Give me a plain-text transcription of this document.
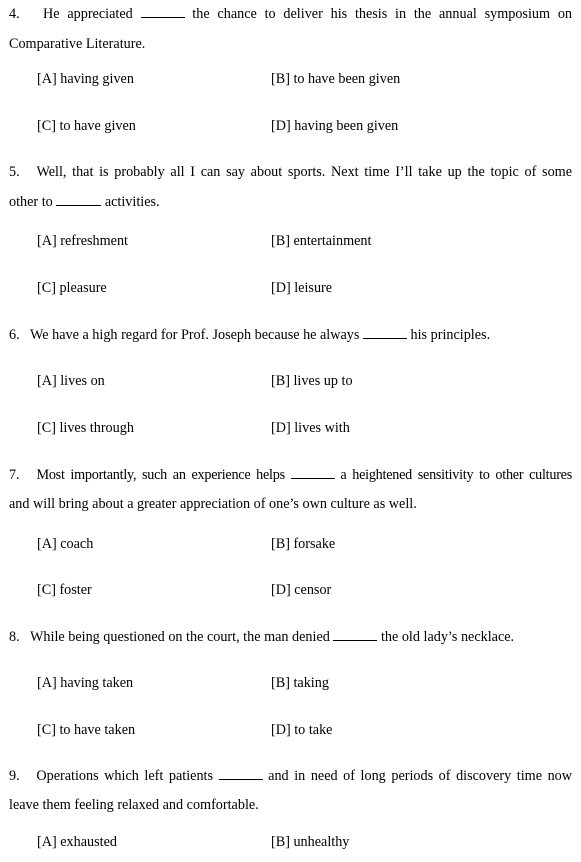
4. He appreciated	the chance to deliver his thesis in the annual symposium on
Comparative Literature.
[A] having given	[B] to have been given
[C] to have given	[D] having been given
5. Well, that is probably all I can say about sports. Next time I’ll take up the topic of some
other to	activities.
[A] refreshment	[B] entertainment
[C] pleasure	[D] leisure
6. We have a high regard for Prof. Joseph because he always	his principles.
[A] lives on	[B] lives up to
[C] lives through	[D] lives with
7. Most importantly, such an experience helps	a heightened sensitivity to other cultures
and will bring about a greater appreciation of one’s own culture as well.
[A] coach	[B] forsake
[C] foster	[D] censor
8. While being questioned on the court, the man denied	the old lady’s necklace.
[A] having taken	[B] taking
[C] to have taken	[D] to take
9. Operations which left patients	and in need of long periods of discovery time now
leave them feeling relaxed and comfortable.
[A] exhausted	[B] unhealthy
